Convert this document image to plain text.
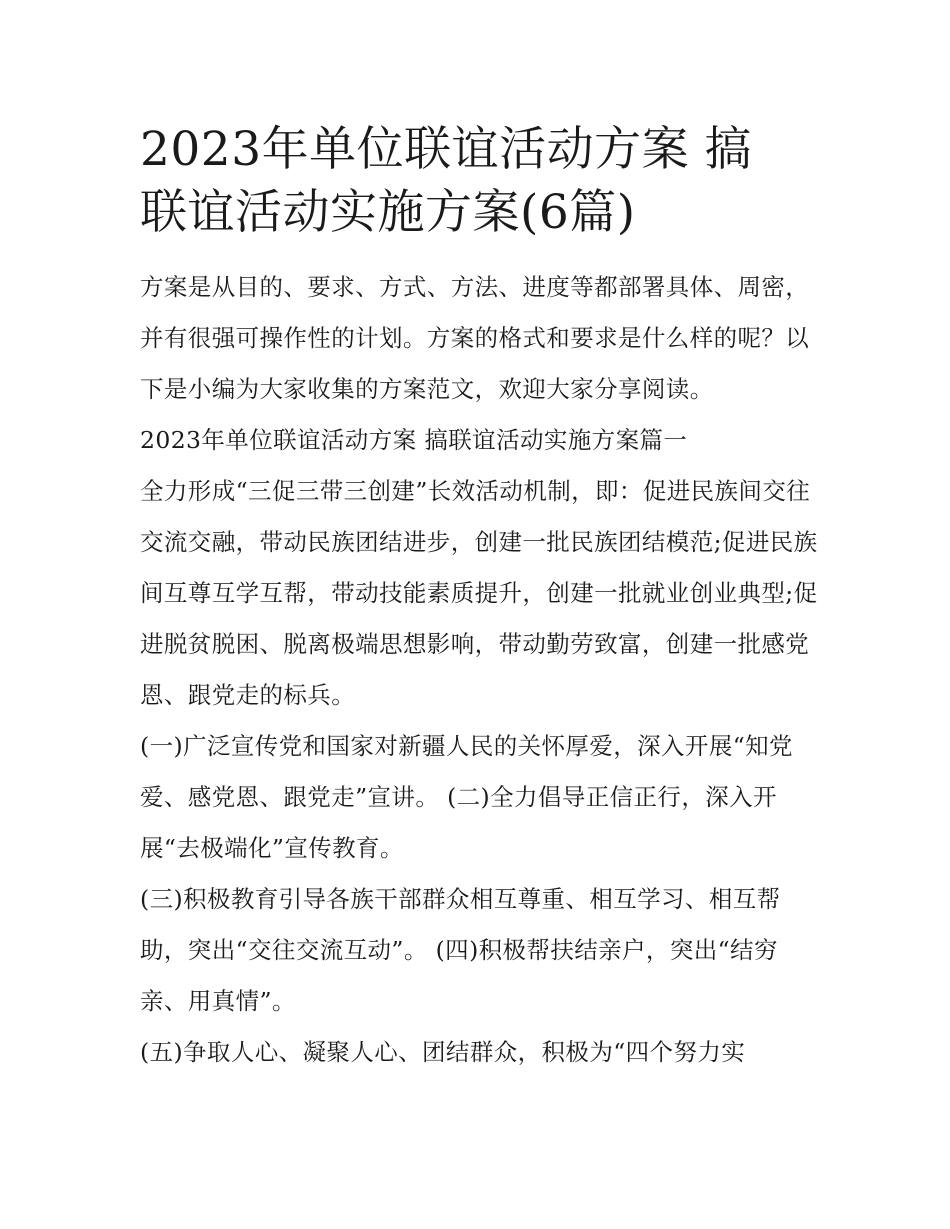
2023年单位联谊活动方案 搞
联谊活动实施方案(6篇)

方案是从目的、要求、方式、方法、进度等都部署具体、周密，并有很强可操作性的计划。方案的格式和要求是什么样的呢？以下是小编为大家收集的方案范文，欢迎大家分享阅读。

2023年单位联谊活动方案 搞联谊活动实施方案篇一

全力形成“三促三带三创建”长效活动机制，即：促进民族间交往交流交融，带动民族团结进步，创建一批民族团结模范;促进民族间互尊互学互帮，带动技能素质提升，创建一批就业创业典型;促进脱贫脱困、脱离极端思想影响，带动勤劳致富，创建一批感党恩、跟党走的标兵。

(一)广泛宣传党和国家对新疆人民的关怀厚爱，深入开展“知党爱、感党恩、跟党走”宣讲。 (二)全力倡导正信正行，深入开展“去极端化”宣传教育。

(三)积极教育引导各族干部群众相互尊重、相互学习、相互帮助，突出“交往交流互动”。 (四)积极帮扶结亲户，突出“结穷亲、用真情”。

(五)争取人心、凝聚人心、团结群众，积极为“四个努力实
